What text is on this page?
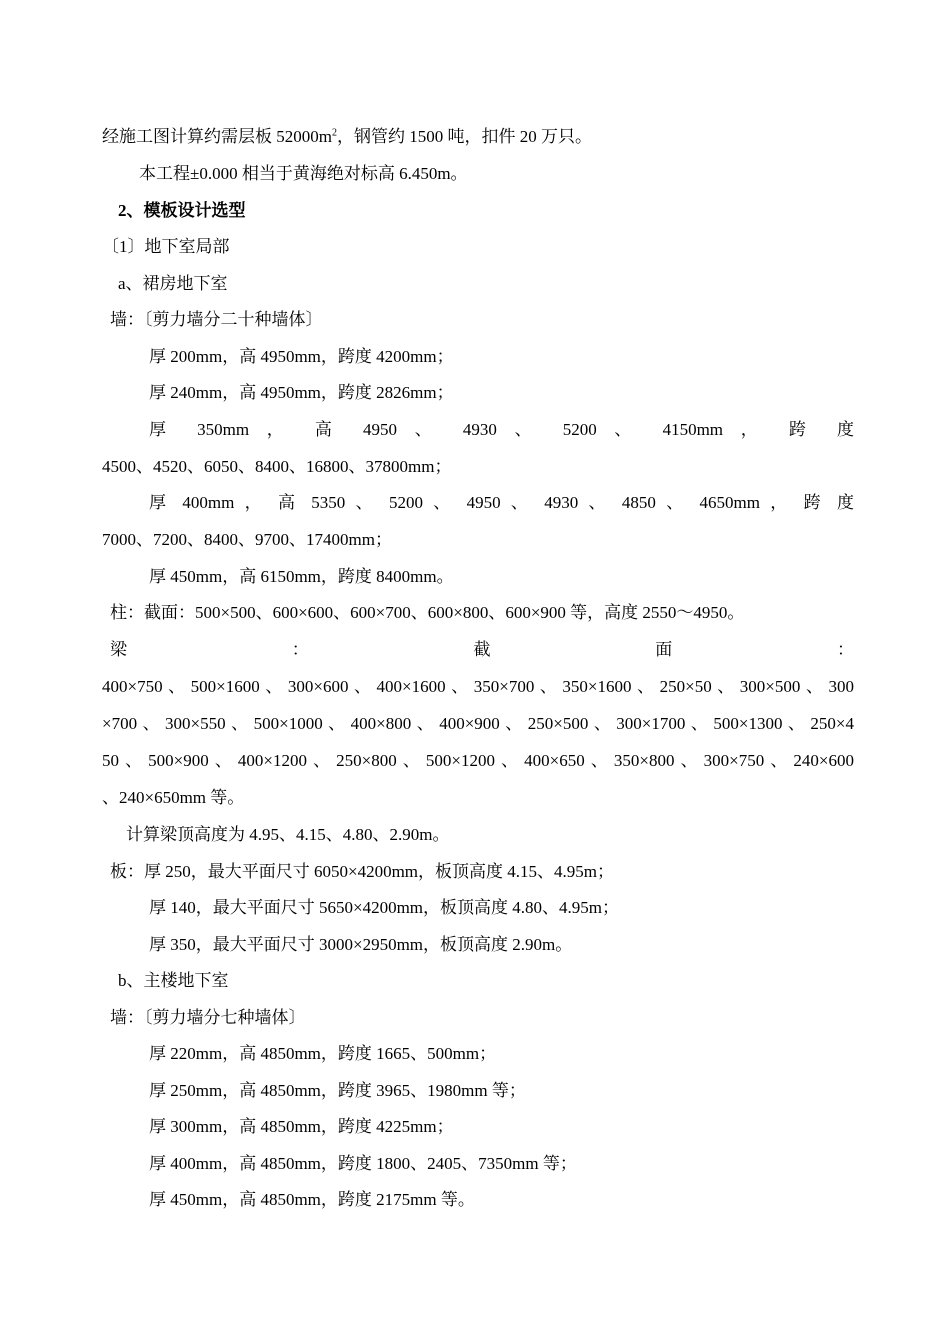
经施工图计算约需层板 $52000m^2$，钢管约 1500 吨，扣件 20 万只。
本工程±0.000 相当于黄海绝对标高 6.450m。
2、模板设计选型
〔1〕地下室局部
a、裙房地下室
墙：〔剪力墙分二十种墙体〕
厚 200mm，高 4950mm，跨度 4200mm；
厚 240mm，高 4950mm，跨度 2826mm；
厚 350mm ， 高 4950 、 4930 、 5200 、 4150mm ， 跨 度
4500、4520、6050、8400、16800、37800mm；
厚 400mm ， 高 5350 、 5200 、 4950 、 4930 、 4850 、 4650mm ， 跨 度
7000、7200、8400、9700、17400mm；
厚 450mm，高 6150mm，跨度 8400mm。
柱：截面：500×500、600×600、600×700、600×800、600×900 等，高度 2550～4950。
梁 ： 截 面 ：
400×750、500×1600、300×600、400×1600、350×700、350×1600、250×50、300×500、300
×700、300×550、500×1000、400×800、400×900、250×500、300×1700、500×1300、250×4
50、500×900、400×1200、250×800、500×1200、400×650、350×800、300×750、240×600
、240×650mm 等。
计算梁顶高度为 4.95、4.15、4.80、2.90m。
板：厚 250，最大平面尺寸 6050×4200mm，板顶高度 4.15、4.95m；
厚 140，最大平面尺寸 5650×4200mm，板顶高度 4.80、4.95m；
厚 350，最大平面尺寸 3000×2950mm，板顶高度 2.90m。
b、主楼地下室
墙：〔剪力墙分七种墙体〕
厚 220mm，高 4850mm，跨度 1665、500mm；
厚 250mm，高 4850mm，跨度 3965、1980mm 等；
厚 300mm，高 4850mm，跨度 4225mm；
厚 400mm，高 4850mm，跨度 1800、2405、7350mm 等；
厚 450mm，高 4850mm，跨度 2175mm 等。
